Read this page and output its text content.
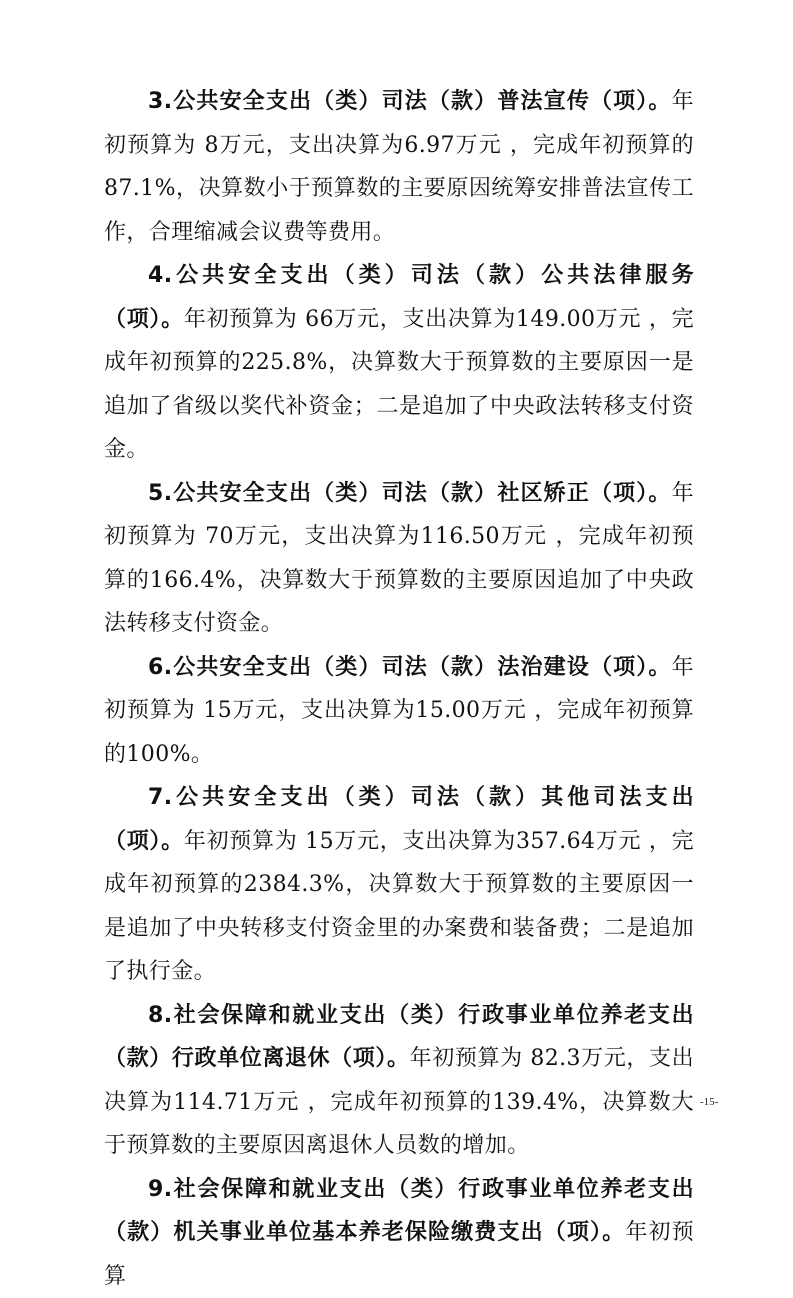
3.公共安全支出（类）司法（款）普法宣传（项）。年初预算为 8万元，支出决算为6.97万元 ，完成年初预算的87.1%，决算数小于预算数的主要原因统筹安排普法宣传工作，合理缩减会议费等费用。

4.公共安全支出（类）司法（款）公共法律服务（项）。年初预算为 66万元，支出决算为149.00万元 ，完成年初预算的225.8%，决算数大于预算数的主要原因一是追加了省级以奖代补资金；二是追加了中央政法转移支付资金。

5.公共安全支出（类）司法（款）社区矫正（项）。年初预算为 70万元，支出决算为116.50万元 ，完成年初预算的166.4%，决算数大于预算数的主要原因追加了中央政法转移支付资金。

6.公共安全支出（类）司法（款）法治建设（项）。年初预算为 15万元，支出决算为15.00万元 ，完成年初预算的100%。

7.公共安全支出（类）司法（款）其他司法支出（项）。年初预算为 15万元，支出决算为357.64万元 ，完成年初预算的2384.3%，决算数大于预算数的主要原因一是追加了中央转移支付资金里的办案费和装备费；二是追加了执行金。

8.社会保障和就业支出（类）行政事业单位养老支出（款）行政单位离退休（项）。年初预算为 82.3万元，支出决算为114.71万元 ，完成年初预算的139.4%，决算数大于预算数的主要原因离退休人员数的增加。

9.社会保障和就业支出（类）行政事业单位养老支出（款）机关事业单位基本养老保险缴费支出（项）。年初预算

-15-
